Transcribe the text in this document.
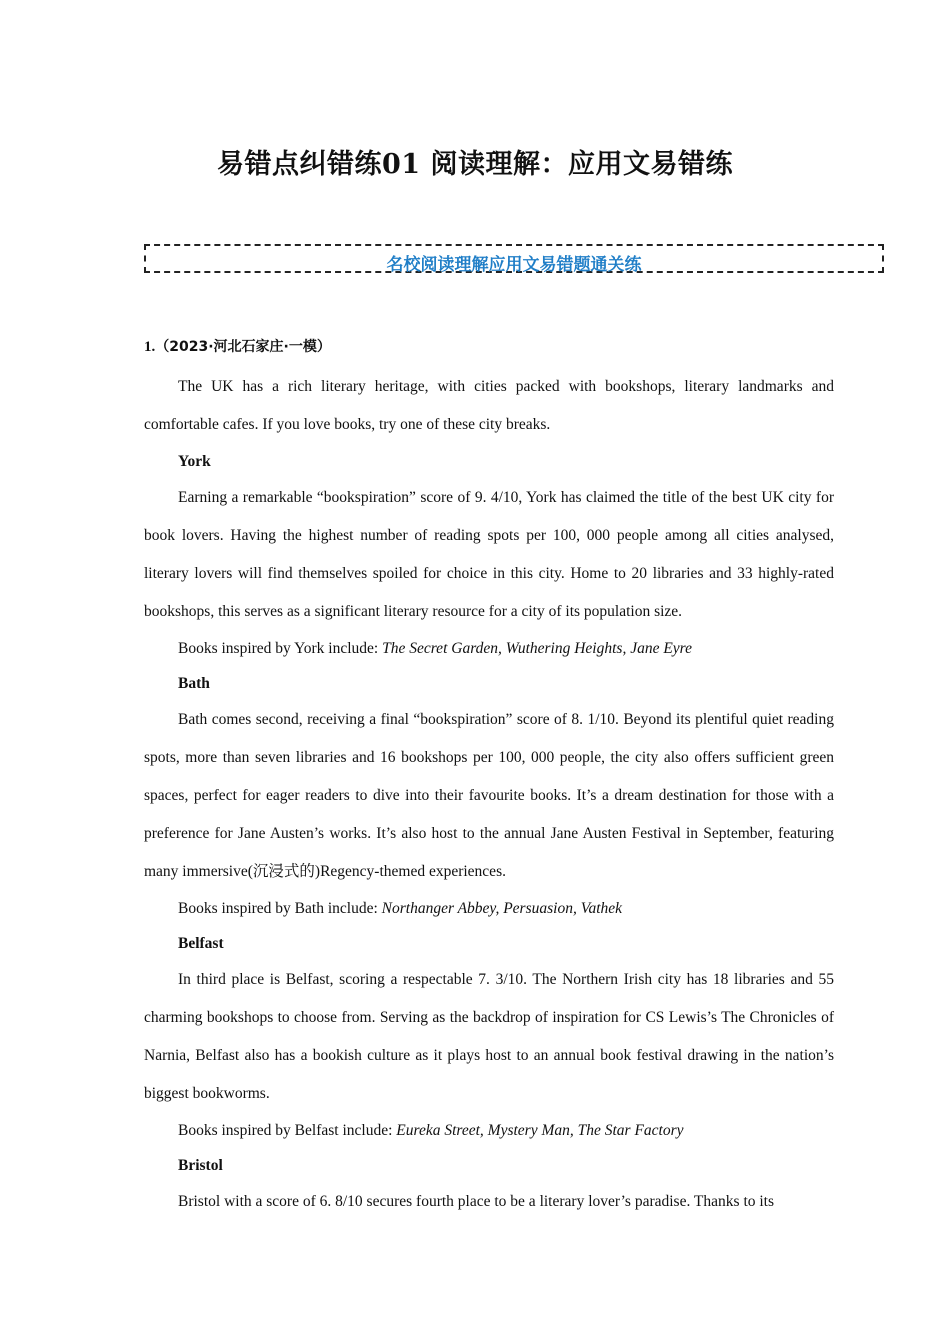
易错点纠错练01 阅读理解：应用文易错练
名校阅读理解应用文易错题通关练
1.（2023·河北石家庄·一模）

The UK has a rich literary heritage, with cities packed with bookshops, literary landmarks and comfortable cafes. If you love books, try one of these city breaks.

York

Earning a remarkable “bookspiration” score of 9. 4/10, York has claimed the title of the best UK city for book lovers. Having the highest number of reading spots per 100, 000 people among all cities analysed, literary lovers will find themselves spoiled for choice in this city. Home to 20 libraries and 33 highly-rated bookshops, this serves as a significant literary resource for a city of its population size.

Books inspired by York include: The Secret Garden, Wuthering Heights, Jane Eyre

Bath

Bath comes second, receiving a final “bookspiration” score of 8. 1/10. Beyond its plentiful quiet reading spots, more than seven libraries and 16 bookshops per 100, 000 people, the city also offers sufficient green spaces, perfect for eager readers to dive into their favourite books. It’s a dream destination for those with a preference for Jane Austen’s works. It’s also host to the annual Jane Austen Festival in September, featuring many immersive(沉浸式的)Regency-themed experiences.

Books inspired by Bath include: Northanger Abbey, Persuasion, Vathek

Belfast

In third place is Belfast, scoring a respectable 7. 3/10. The Northern Irish city has 18 libraries and 55 charming bookshops to choose from. Serving as the backdrop of inspiration for CS Lewis’s The Chronicles of Narnia, Belfast also has a bookish culture as it plays host to an annual book festival drawing in the nation’s biggest bookworms.

Books inspired by Belfast include: Eureka Street, Mystery Man, The Star Factory

Bristol

Bristol with a score of 6. 8/10 secures fourth place to be a literary lover’s paradise. Thanks to its
